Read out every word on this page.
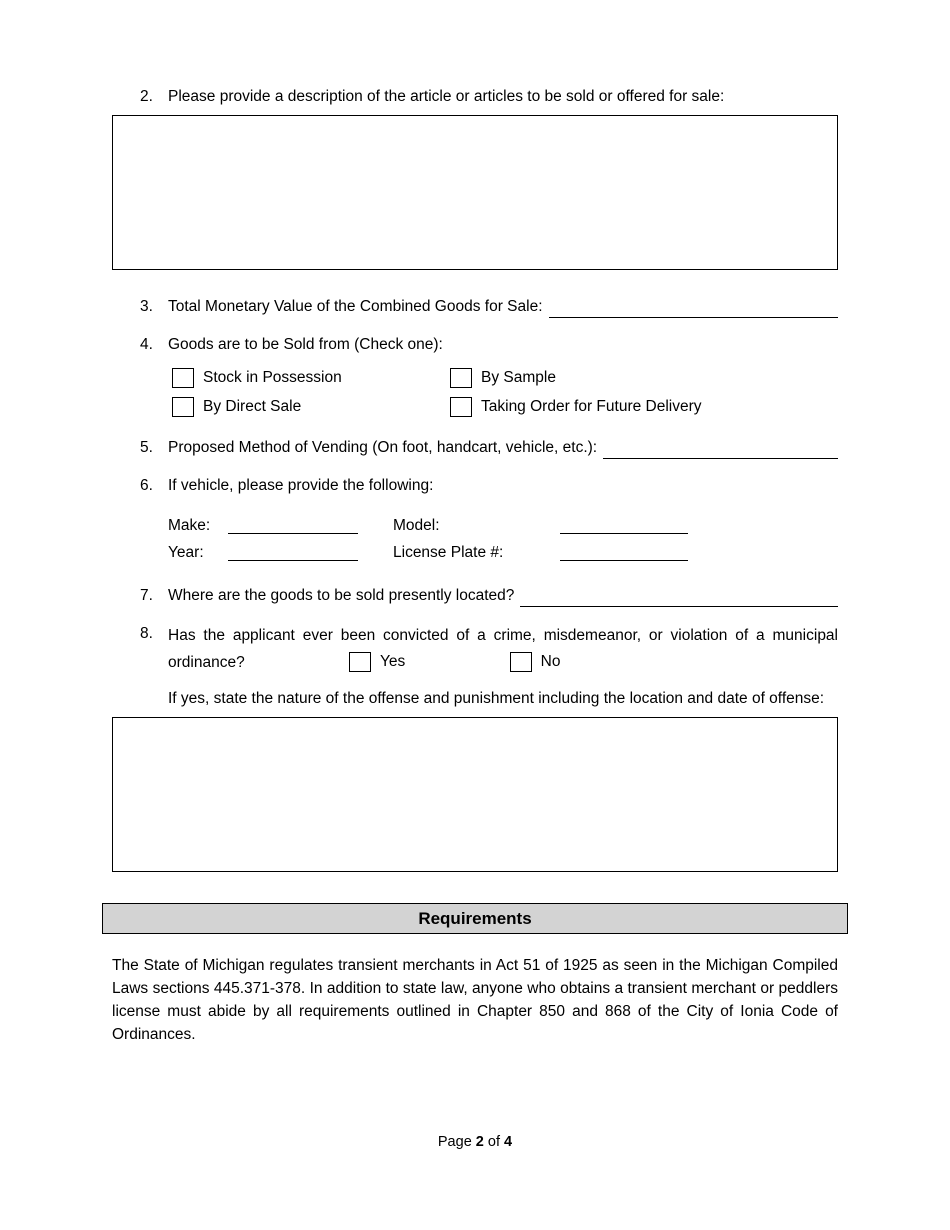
2. Please provide a description of the article or articles to be sold or offered for sale:
3. Total Monetary Value of the Combined Goods for Sale:
4. Goods are to be Sold from (Check one):
Stock in Possession	By Sample
By Direct Sale	Taking Order for Future Delivery
5. Proposed Method of Vending (On foot, handcart, vehicle, etc.):
6. If vehicle, please provide the following:
Make:	Model:
Year:	License Plate #:
7. Where are the goods to be sold presently located?
8. Has the applicant ever been convicted of a crime, misdemeanor, or violation of a municipal ordinance?	Yes
	No
If yes, state the nature of the offense and punishment including the location and date of offense:
Requirements
The State of Michigan regulates transient merchants in Act 51 of 1925 as seen in the Michigan Compiled Laws sections 445.371-378. In addition to state law, anyone who obtains a transient merchant or peddlers license must abide by all requirements outlined in Chapter 850 and 868 of the City of Ionia Code of Ordinances.
Page 2 of 4
